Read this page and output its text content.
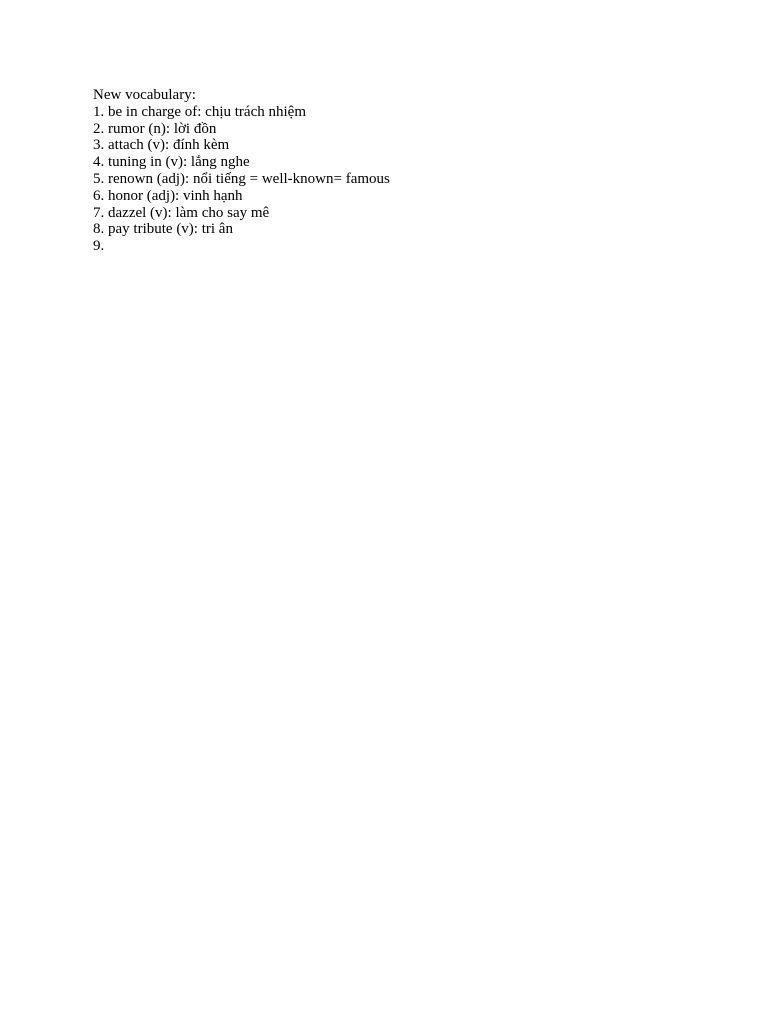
New vocabulary:
1. be in charge of: chịu trách nhiệm
2. rumor (n): lời đồn
3. attach (v): đính kèm
4. tuning in (v): lắng nghe
5. renown (adj): nổi tiếng = well-known= famous
6. honor (adj): vinh hạnh
7. dazzel (v): làm cho say mê
8. pay tribute (v): tri ân
9.
